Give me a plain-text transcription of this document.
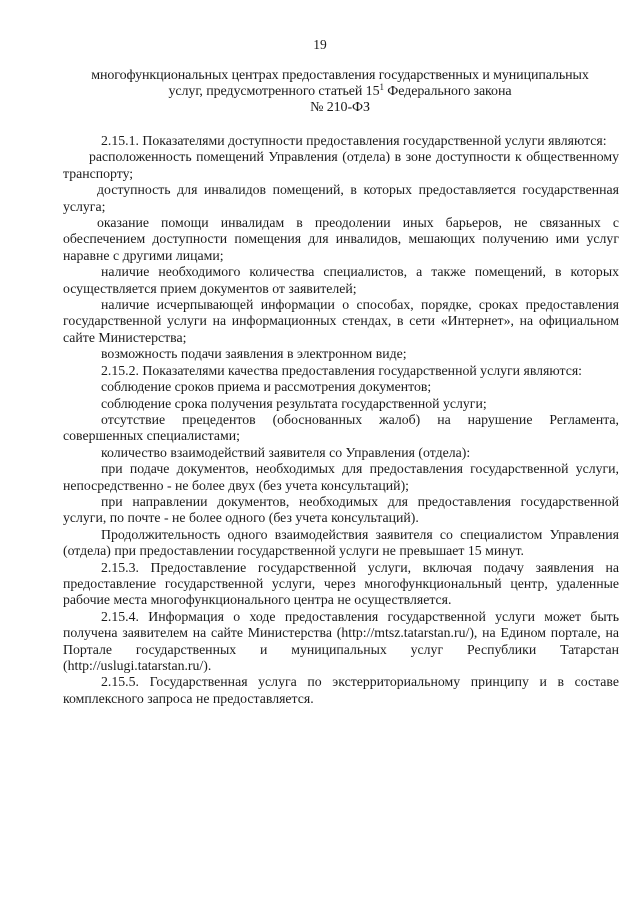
19
многофункциональных центрах предоставления государственных и муниципальных
услуг, предусмотренного статьей $15^1$ Федерального закона
№ 210-ФЗ

2.15.1. Показателями доступности предоставления государственной услуги являются:

расположенность помещений Управления (отдела) в зоне доступности к общественному транспорту;

доступность для инвалидов помещений, в которых предоставляется государственная услуга;

оказание помощи инвалидам в преодолении иных барьеров, не связанных с обеспечением доступности помещения для инвалидов, мешающих получению ими услуг наравне с другими лицами;

наличие необходимого количества специалистов, а также помещений, в которых осуществляется прием документов от заявителей;

наличие исчерпывающей информации о способах, порядке, сроках предоставления государственной услуги на информационных стендах, в сети «Интернет», на официальном сайте Министерства;

возможность подачи заявления в электронном виде;

2.15.2. Показателями качества предоставления государственной услуги являются:

соблюдение сроков приема и рассмотрения документов;

соблюдение срока получения результата государственной услуги;

отсутствие прецедентов (обоснованных жалоб) на нарушение Регламента, совершенных специалистами;

количество взаимодействий заявителя со Управления (отдела):

при подаче документов, необходимых для предоставления государственной услуги, непосредственно - не более двух (без учета консультаций);

при направлении документов, необходимых для предоставления государственной услуги, по почте - не более одного (без учета консультаций).

Продолжительность одного взаимодействия заявителя со специалистом Управления (отдела) при предоставлении государственной услуги не превышает 15 минут.

2.15.3. Предоставление государственной услуги, включая подачу заявления на предоставление государственной услуги, через многофункциональный центр, удаленные рабочие места многофункционального центра не осуществляется.

2.15.4. Информация о ходе предоставления государственной услуги может быть получена заявителем на сайте Министерства (http://mtsz.tatarstan.ru/), на Едином портале, на Портале государственных и муниципальных услуг Республики Татарстан (http://uslugi.tatarstan.ru/).

2.15.5. Государственная услуга по экстерриториальному принципу и в составе комплексного запроса не предоставляется.
